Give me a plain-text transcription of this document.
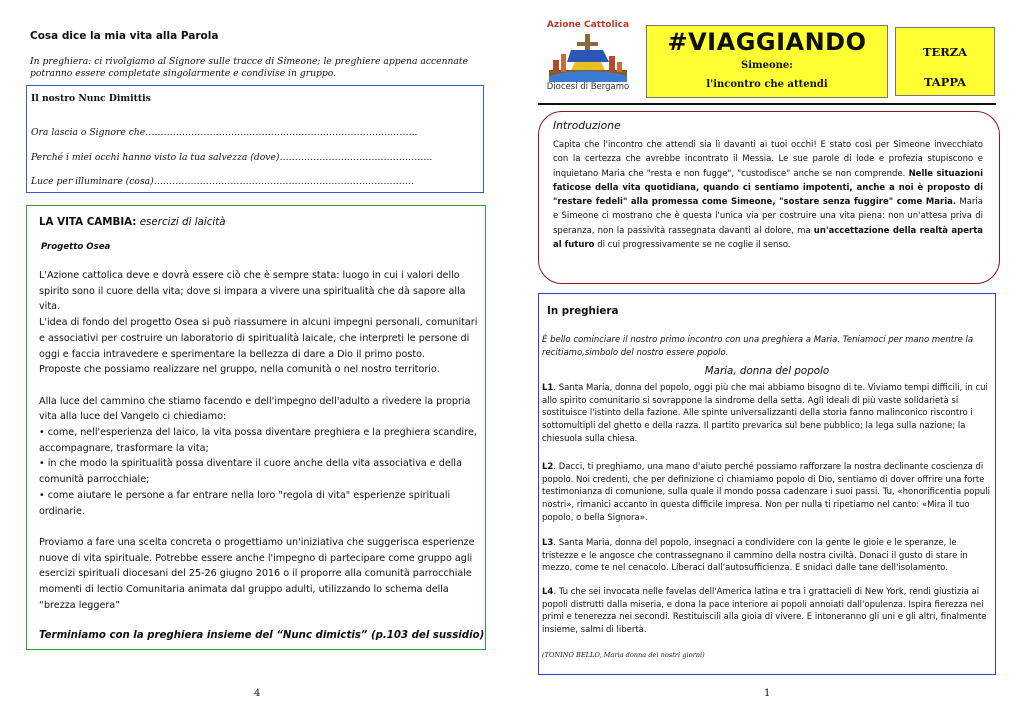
Cosa dice la mia vita alla Parola
In preghiera: ci rivolgiamo al Signore sulle tracce di Simeone; le preghiere appena accennate potranno essere completate singolarmente e condivise in gruppo.
Il nostro Nunc Dimittis
Ora lascia o Signore che……………………………………………………………………………..
Perché i miei occhi hanno visto la tua salvezza (dove)…………………………………………..
Luce per illuminare (cosa)………………………………………………………………………….
LA VITA CAMBIA: esercizi di laicità
Progetto Osea

L'Azione cattolica deve e dovrà essere ciò che è sempre stata: luogo in cui i valori dello spirito sono il cuore della vita; dove si impara a vivere una spiritualità che dà sapore alla vita.

L'idea di fondo del progetto Osea si può riassumere in alcuni impegni personali, comunitari e associativi per costruire un laboratorio di spiritualità laicale, che interpreti le persone di oggi e faccia intravedere e sperimentare la bellezza di dare a Dio il primo posto.

Proposte che possiamo realizzare nel gruppo, nella comunità o nel nostro territorio.

Alla luce del cammino che stiamo facendo e dell'impegno dell'adulto a rivedere la propria vita alla luce del Vangelo ci chiediamo:

• come, nell'esperienza del laico, la vita possa diventare preghiera e la preghiera scandire, accompagnare, trasformare la vita;

• in che modo la spiritualità possa diventare il cuore anche della vita associativa e della comunità parrocchiale;

• come aiutare le persone a far entrare nella loro "regola di vita" esperienze spirituali ordinarie.

Proviamo a fare una scelta concreta o progettiamo un'iniziativa che suggerisca esperienze nuove di vita spirituale. Potrebbe essere anche l'impegno di partecipare come gruppo agli esercizi spirituali diocesani del 25-26 giugno 2016 o il proporre alla comunità parrocchiale momenti di lectio Comunitaria animata dal gruppo adulti, utilizzando lo schema della “brezza leggera”

Terminiamo con la preghiera insieme del “Nunc dimictis” (p.103 del sussidio)
4
Azione Cattolica
Diocesi di Bergamo
#VIAGGIANDO
Simeone:
l'incontro che attendi
TERZA
TAPPA
Introduzione
Capita che l'incontro che attendi sia lì davanti ai tuoi occhi! E stato così per Simeone invecchiato con la certezza che avrebbe incontrato il Messia. Le sue parole di lode e profezia stupiscono e inquietano Maria che "resta e non fugge", "custodisce" anche se non comprende. Nelle situazioni faticose della vita quotidiana, quando ci sentiamo impotenti, anche a noi è proposto di "restare fedeli" alla promessa come Simeone, "sostare senza fuggire" come Maria. Maria e Simeone ci mostrano che è questa l'unica via per costruire una vita piena: non un'attesa priva di speranza, non la passività rassegnata davanti al dolore, ma un'accettazione della realtà aperta al futuro di cui progressivamente se ne coglie il senso.
In preghiera
È bello cominciare il nostro primo incontro con una preghiera a Maria. Teniamoci per mano mentre la recitiamo,simbolo del nostro essere popolo.
Maria, donna del popolo
L1. Santa Maria, donna del popolo, oggi più che mai abbiamo bisogno di te. Viviamo tempi difficili, in cui allo spirito comunitario si sovrappone la sindrome della setta. Agli ideali di più vaste solidarietà si sostituisce l'istinto della fazione. Alle spinte universalizzanti della storia fanno malinconico riscontro i sottomultipli del ghetto e della razza. Il partito prevarica sul bene pubblico; la lega sulla nazione; la chiesuola sulla chiesa.
L2. Dacci, ti preghiamo, una mano d'aiuto perché possiamo rafforzare la nostra declinante coscienza di popolo. Noi credenti, che per definizione ci chiamiamo popolo di Dio, sentiamo di dover offrire una forte testimonianza di comunione, sulla quale il mondo possa cadenzare i suoi passi. Tu, «honorificentia populi nostri», rimanici accanto in questa difficile impresa. Non per nulla ti ripetiamo nel canto: «Mira il tuo popolo, o bella Signora».
L3. Santa Maria, donna del popolo, insegnaci a condividere con la gente le gioie e le speranze, le tristezze e le angosce che contrassegnano il cammino della nostra civiltà. Donaci il gusto di stare in mezzo, come te nel cenacolo. Liberaci dall'autosufficienza. E snidaci dalle tane dell'isolamento.
L4. Tu che sei invocata nelle favelas dell'America latina e tra i grattacieli di New York, rendi giustizia ai popoli distrutti dalla miseria, e dona la pace interiore ai popoli annoiati dall'opulenza. Ispira fierezza nei primi e tenerezza nei secondi. Restituiscili alla gioia di vivere. E intoneranno gli uni e gli altri, finalmente insieme, salmi di libertà.
(TONINO BELLO, Maria donna dei nostri giorni)
1
